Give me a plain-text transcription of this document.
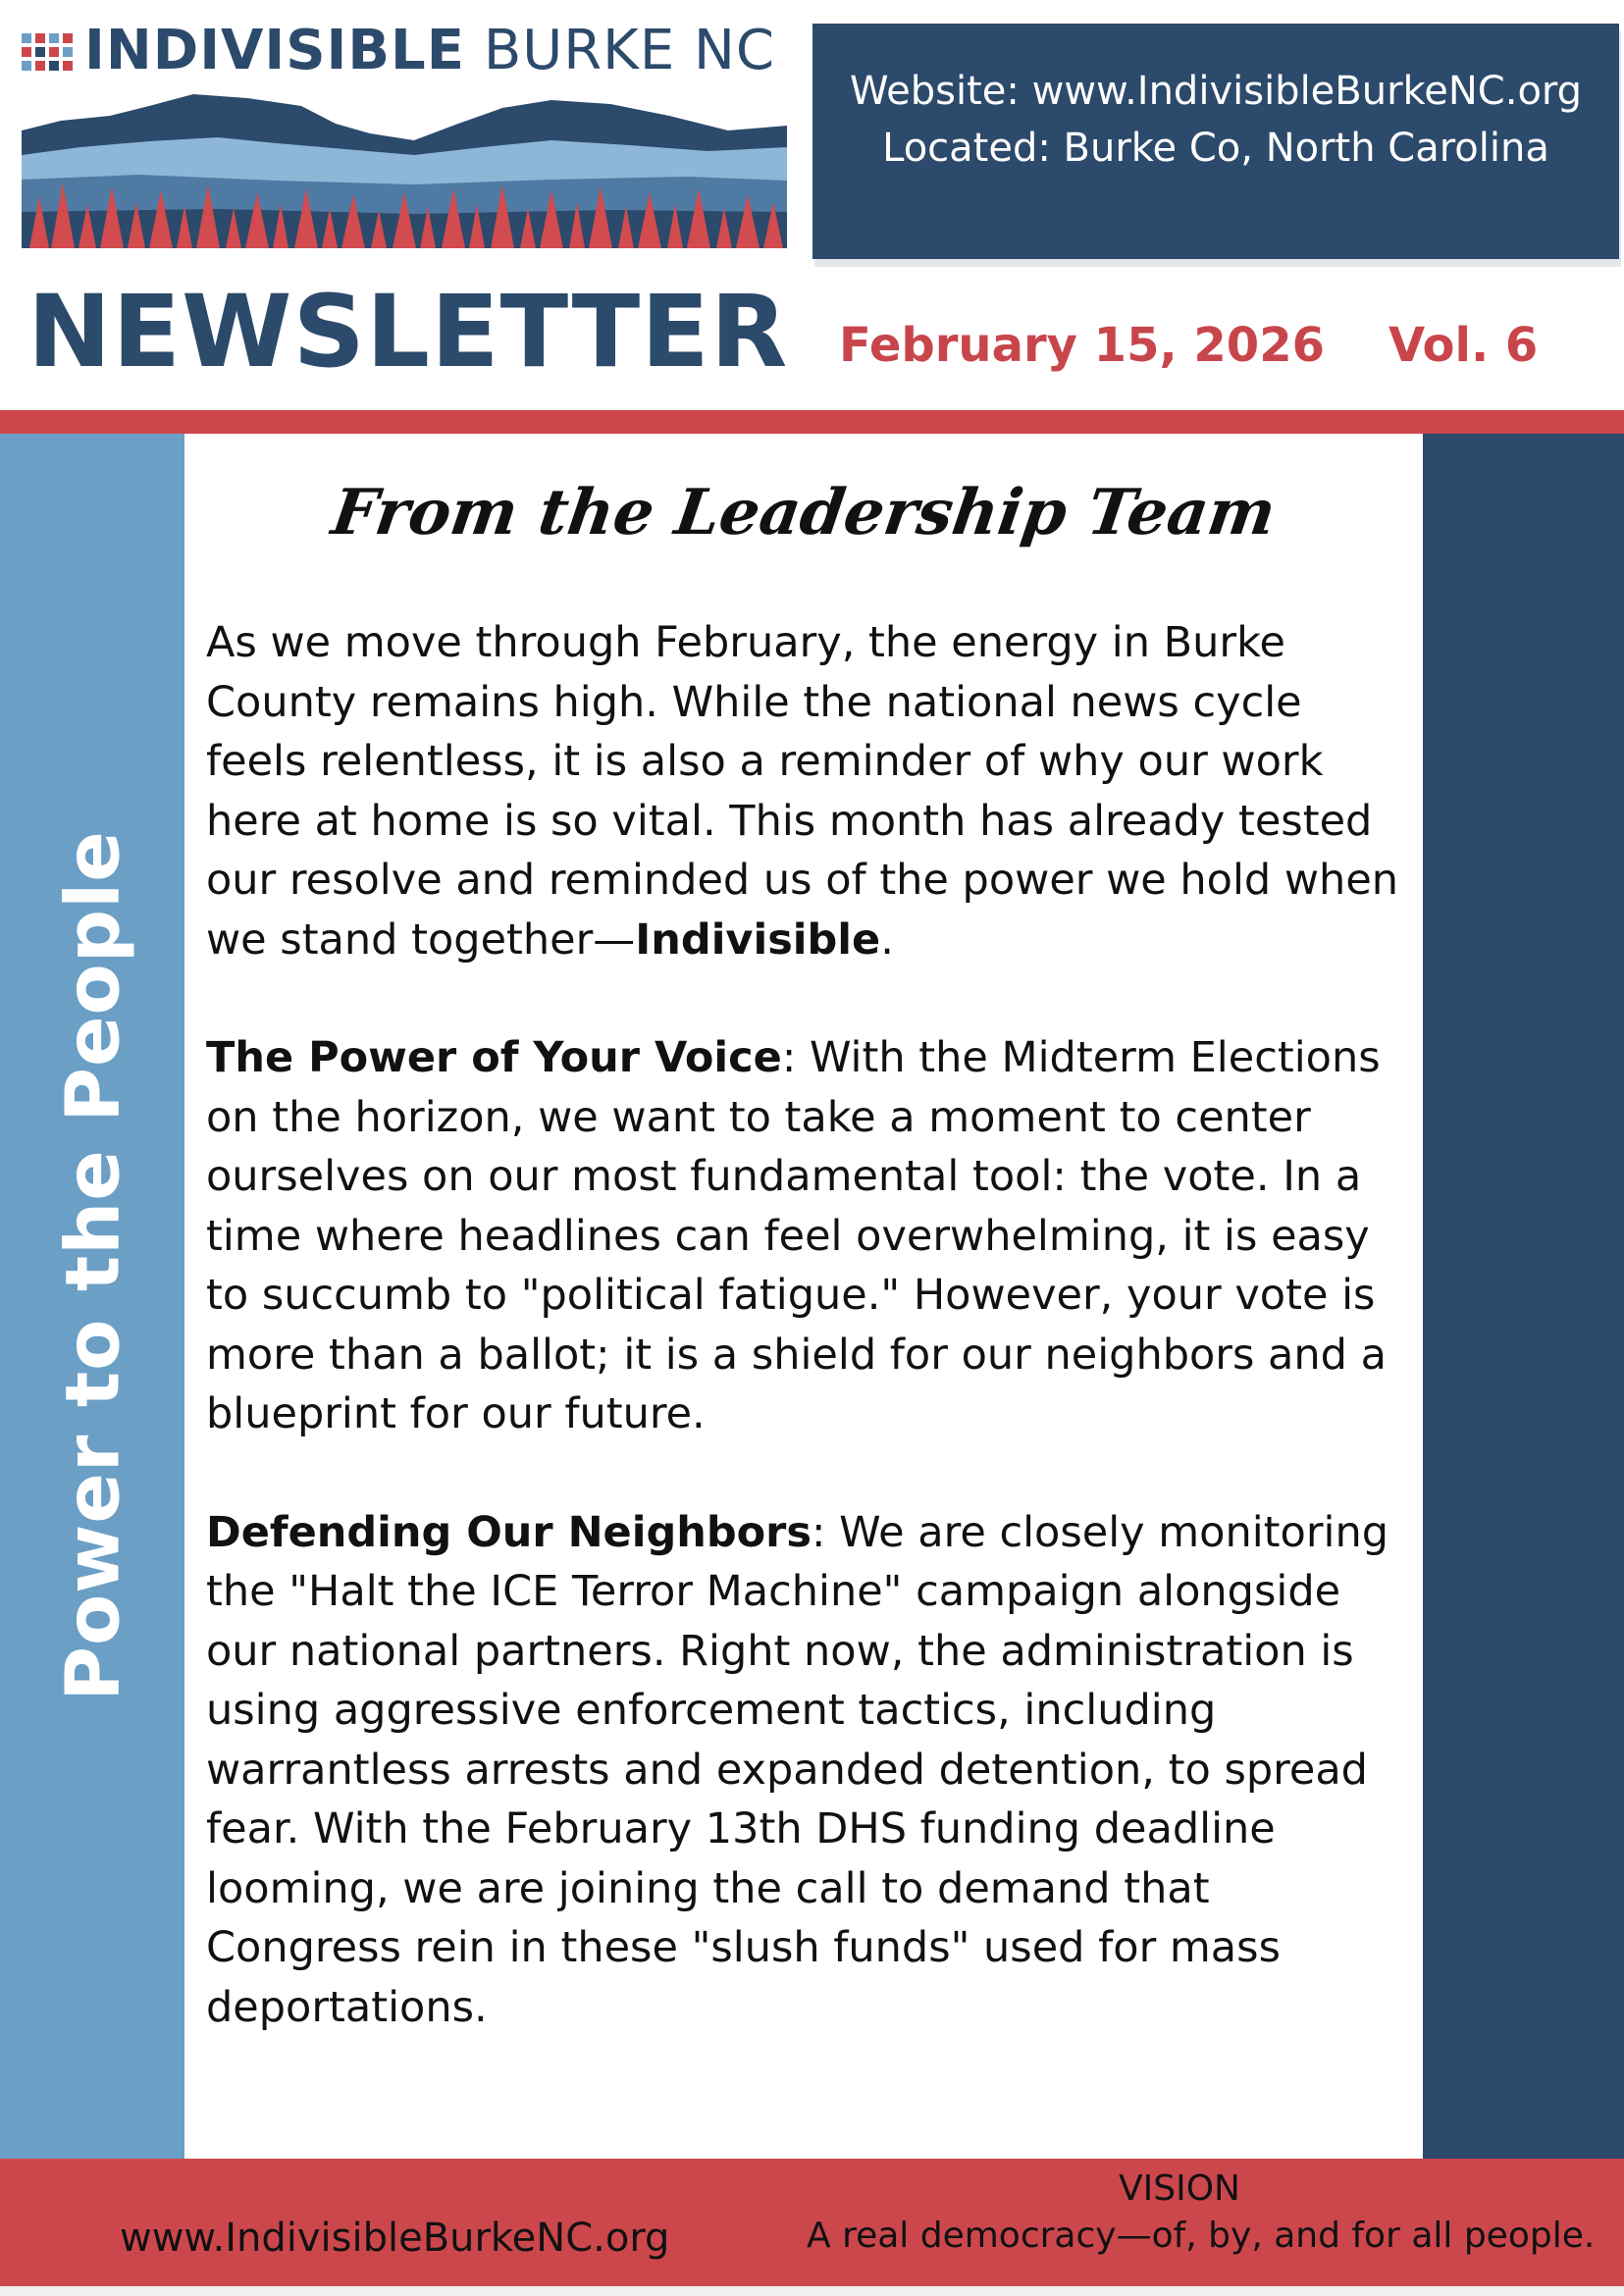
INDIVISIBLE BURKE NC
Website: www.IndivisibleBurkeNC.org
Located: Burke Co, North Carolina
NEWSLETTER February 15, 2026 Vol. 6
Power to the People
From the Leadership Team

As we move through February, the energy in Burke County remains high. While the national news cycle feels relentless, it is also a reminder of why our work here at home is so vital. This month has already tested our resolve and reminded us of the power we hold when we stand together—Indivisible.

The Power of Your Voice: With the Midterm Elections on the horizon, we want to take a moment to center ourselves on our most fundamental tool: the vote. In a time where headlines can feel overwhelming, it is easy to succumb to "political fatigue." However, your vote is more than a ballot; it is a shield for our neighbors and a blueprint for our future.

Defending Our Neighbors: We are closely monitoring the "Halt the ICE Terror Machine" campaign alongside our national partners. Right now, the administration is using aggressive enforcement tactics, including warrantless arrests and expanded detention, to spread fear. With the February 13th DHS funding deadline looming, we are joining the call to demand that Congress rein in these "slush funds" used for mass deportations.

www.IndivisibleBurkeNC.org
VISION
A real democracy—of, by, and for all people.
